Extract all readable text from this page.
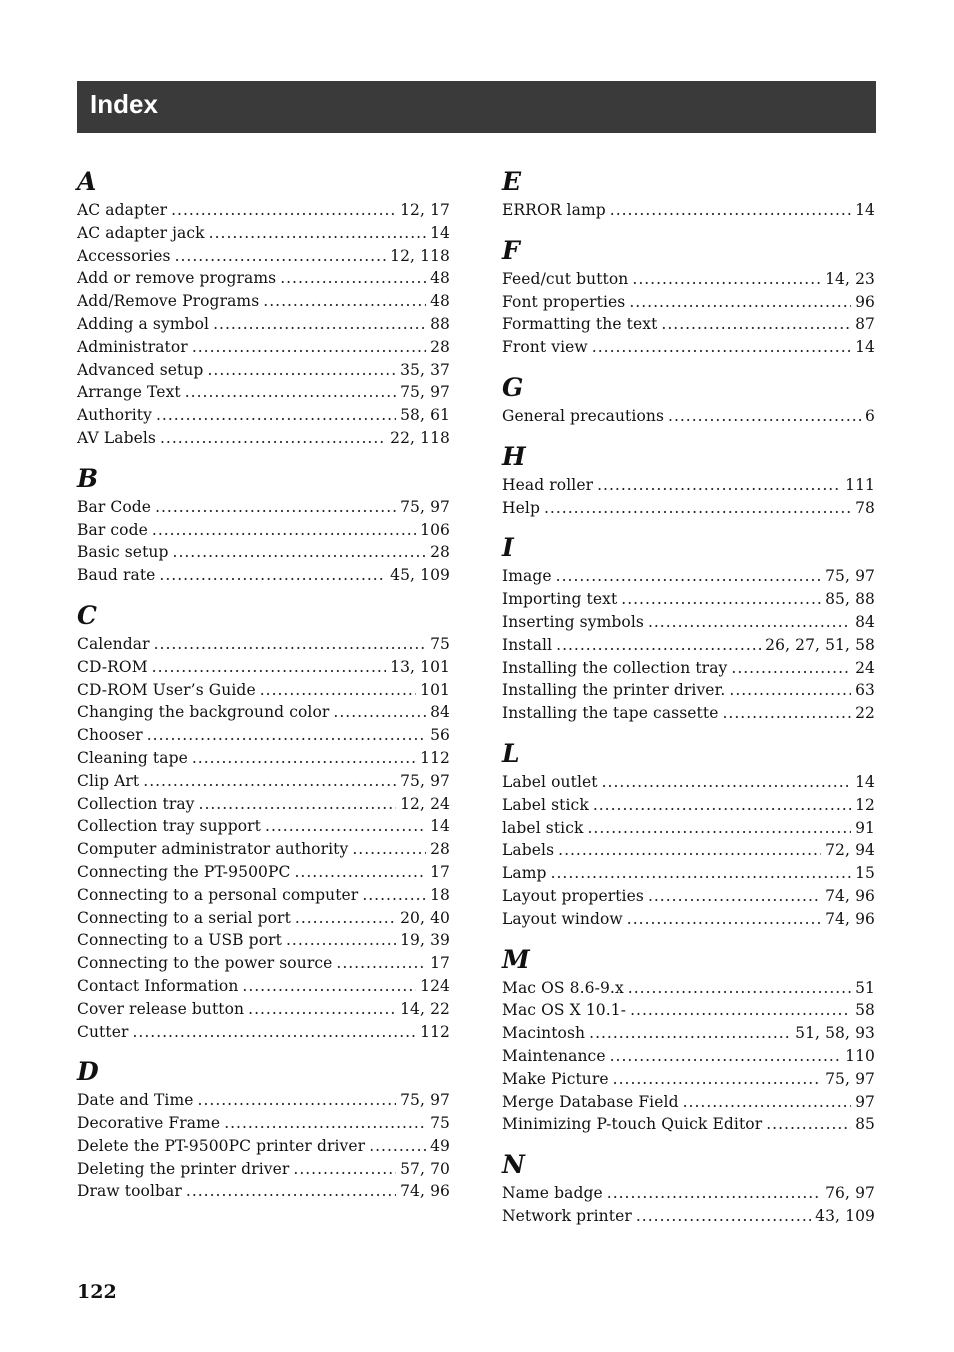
Index
A
AC adapter .....	12, 17
AC adapter jack .....	14
Accessories .....	12, 118
Add or remove programs .....	48
Add/Remove Programs .....	48
Adding a symbol .....	88
Administrator .....	28
Advanced setup .....	35, 37
Arrange Text .....	75, 97
Authority .....	58, 61
AV Labels .....	22, 118
B
Bar Code .....	75, 97
Bar code .....	106
Basic setup .....	28
Baud rate .....	45, 109
C
Calendar .....	75
CD-ROM .....	13, 101
CD-ROM User’s Guide .....	101
Changing the background color .....	84
Chooser .....	56
Cleaning tape .....	112
Clip Art .....	75, 97
Collection tray .....	12, 24
Collection tray support .....	14
Computer administrator authority .....	28
Connecting the PT-9500PC .....	17
Connecting to a personal computer .....	18
Connecting to a serial port .....	20, 40
Connecting to a USB port .....	19, 39
Connecting to the power source .....	17
Contact Information .....	124
Cover release button .....	14, 22
Cutter .....	112
D
Date and Time .....	75, 97
Decorative Frame .....	75
Delete the PT-9500PC printer driver .....	49
Deleting the printer driver .....	57, 70
Draw toolbar .....	74, 96
E
ERROR lamp .....	14
F
Feed/cut button .....	14, 23
Font properties .....	96
Formatting the text .....	87
Front view .....	14
G
General precautions .....	6
H
Head roller .....	111
Help .....	78
I
Image .....	75, 97
Importing text .....	85, 88
Inserting symbols .....	84
Install .....	26, 27, 51, 58
Installing the collection tray .....	24
Installing the printer driver. .....	63
Installing the tape cassette .....	22
L
Label outlet .....	14
Label stick .....	12
label stick .....	91
Labels .....	72, 94
Lamp .....	15
Layout properties .....	74, 96
Layout window .....	74, 96
M
Mac OS 8.6-9.x .....	51
Mac OS X 10.1- .....	58
Macintosh .....	51, 58, 93
Maintenance .....	110
Make Picture .....	75, 97
Merge Database Field .....	97
Minimizing P-touch Quick Editor .....	85
N
Name badge .....	76, 97
Network printer .....	43, 109
122
